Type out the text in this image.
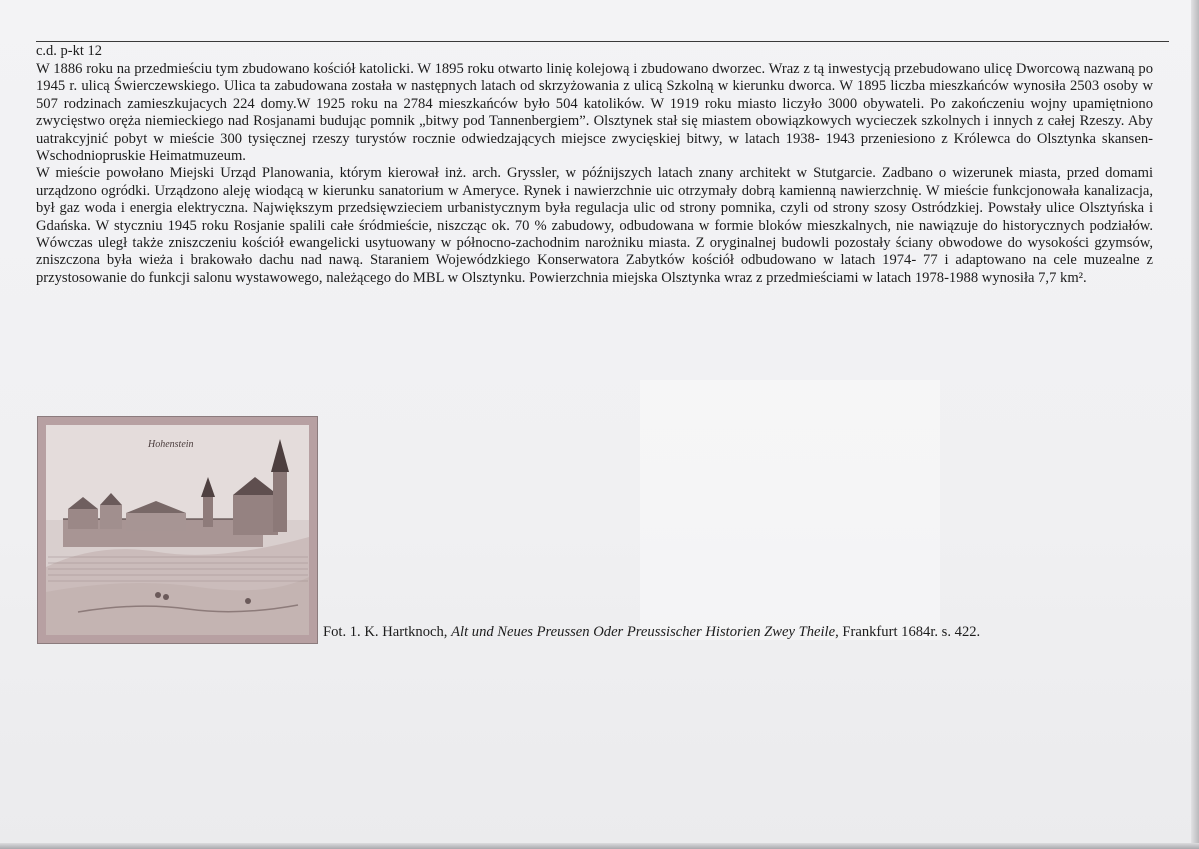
c.d. p-kt 12

W 1886 roku na przedmieściu tym zbudowano kościół katolicki. W 1895 roku otwarto linię kolejową i zbudowano dworzec. Wraz z tą inwestycją przebudowano ulicę Dworcową nazwaną po 1945 r. ulicą Świerczewskiego. Ulica ta zabudowana została w następnych latach od skrzyżowania z ulicą Szkolną w kierunku dworca. W 1895 liczba mieszkańców wynosiła 2503 osoby w 507 rodzinach zamieszkujacych 224 domy.W 1925 roku na 2784 mieszkańców było 504 katolików. W 1919 roku miasto liczyło 3000 obywateli. Po zakończeniu wojny upamiętniono zwycięstwo oręża niemieckiego nad Rosjanami budując pomnik „bitwy pod Tannenbergiem”. Olsztynek stał się miastem obowiązkowych wycieczek szkolnych i innych z całej Rzeszy. Aby uatrakcyjnić pobyt w mieście 300 tysięcznej rzeszy turystów rocznie odwiedzających miejsce zwycięskiej bitwy, w latach 1938- 1943 przeniesiono z Królewca do Olsztynka skansen- Wschodniopruskie Heimatmuzeum.

W mieście powołano Miejski Urząd Planowania, którym kierował inż. arch. Gryssler, w późnijszych latach znany architekt w Stutgarcie. Zadbano o wizerunek miasta, przed domami urządzono ogródki. Urządzono aleję wiodącą w kierunku sanatorium w Ameryce. Rynek i nawierzchnie uic otrzymały dobrą kamienną nawierzchnię. W mieście funkcjonowała kanalizacja, był gaz woda i energia elektryczna. Największym przedsięwzieciem urbanistycznym była regulacja ulic od strony pomnika, czyli od strony szosy Ostródzkiej. Powstały ulice Olsztyńska i Gdańska. W styczniu 1945 roku Rosjanie spalili całe śródmieście, niszcząc ok. 70 % zabudowy, odbudowana w formie bloków mieszkalnych, nie nawiązuje do historycznych podziałów. Wówczas uległ także zniszczeniu kościół ewangelicki usytuowany w północno-zachodnim narożniku miasta. Z oryginalnej budowli pozostały ściany obwodowe do wysokości gzymsów, zniszczona była wieża i brakowało dachu nad nawą. Staraniem Wojewódzkiego Konserwatora Zabytków kościół odbudowano w latach 1974- 77 i adaptowano na cele muzealne z przystosowanie do funkcji salonu wystawowego, należącego do MBL w Olsztynku. Powierzchnia miejska Olsztynka wraz z przedmieściami w latach 1978-1988 wynosiła 7,7 km².

Hohenstein
Fot. 1. K. Hartknoch, Alt und Neues Preussen Oder Preussischer Historien Zwey Theile, Frankfurt 1684r. s. 422.
